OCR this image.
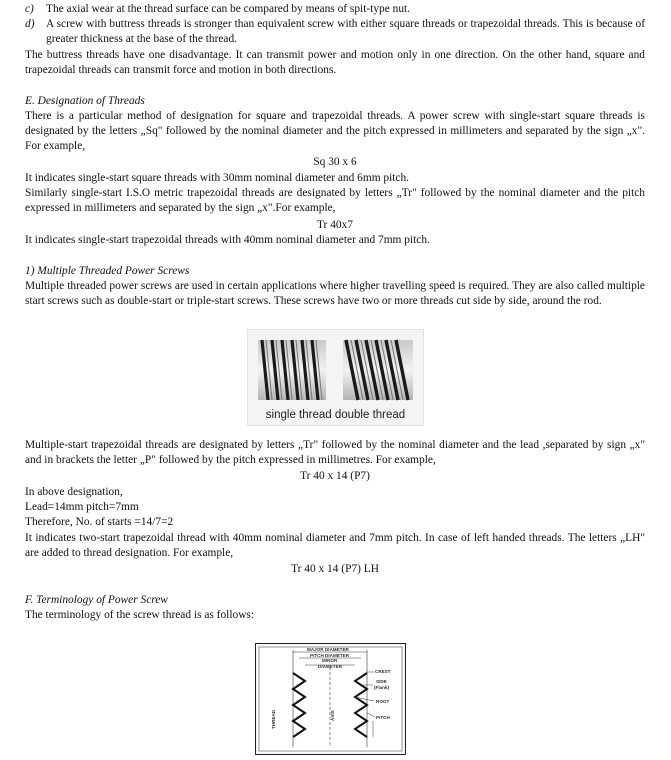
c) The axial wear at the thread surface can be compared by means of spit-type nut.
d) A screw with buttress threads is stronger than equivalent screw with either square threads or trapezoidal threads. This is because of greater thickness at the base of the thread.
The buttress threads have one disadvantage. It can transmit power and motion only in one direction. On the other hand, square and trapezoidal threads can transmit force and motion in both directions.
E. Designation of Threads
There is a particular method of designation for square and trapezoidal threads. A power screw with single-start square threads is designated by the letters „Sq" followed by the nominal diameter and the pitch expressed in millimeters and separated by the sign „x". For example,
Sq 30 x 6
It indicates single-start square threads with 30mm nominal diameter and 6mm pitch.
Similarly single-start I.S.O metric trapezoidal threads are designated by letters „Tr" followed by the nominal diameter and the pitch expressed in millimeters and separated by the sign „x".For example,
Tr 40x7
It indicates single-start trapezoidal threads with 40mm nominal diameter and 7mm pitch.
1) Multiple Threaded Power Screws
Multiple threaded power screws are used in certain applications where higher travelling speed is required. They are also called multiple start screws such as double-start or triple-start screws. These screws have two or more threads cut side by side, around the rod.
single thread double thread
Multiple-start trapezoidal threads are designated by letters „Tr" followed by the nominal diameter and the lead ,separated by sign „x" and in brackets the letter „P" followed by the pitch expressed in millimetres. For example,
Tr 40 x 14 (P7)
In above designation,
Lead=14mm pitch=7mm
Therefore, No. of starts =14/7=2
It indicates two-start trapezoidal thread with 40mm nominal diameter and 7mm pitch. In case of left handed threads. The letters „LH" are added to thread designation. For example,
Tr 40 x 14 (P7) LH
F. Terminology of Power Screw
The terminology of the screw thread is as follows:
MAJOR DIAMETER
PITCH DIAMETER
MINOR
DIAMETER
CREST
SIDE
(Flank)
ROOT
PITCH
THREAD	AXIS
